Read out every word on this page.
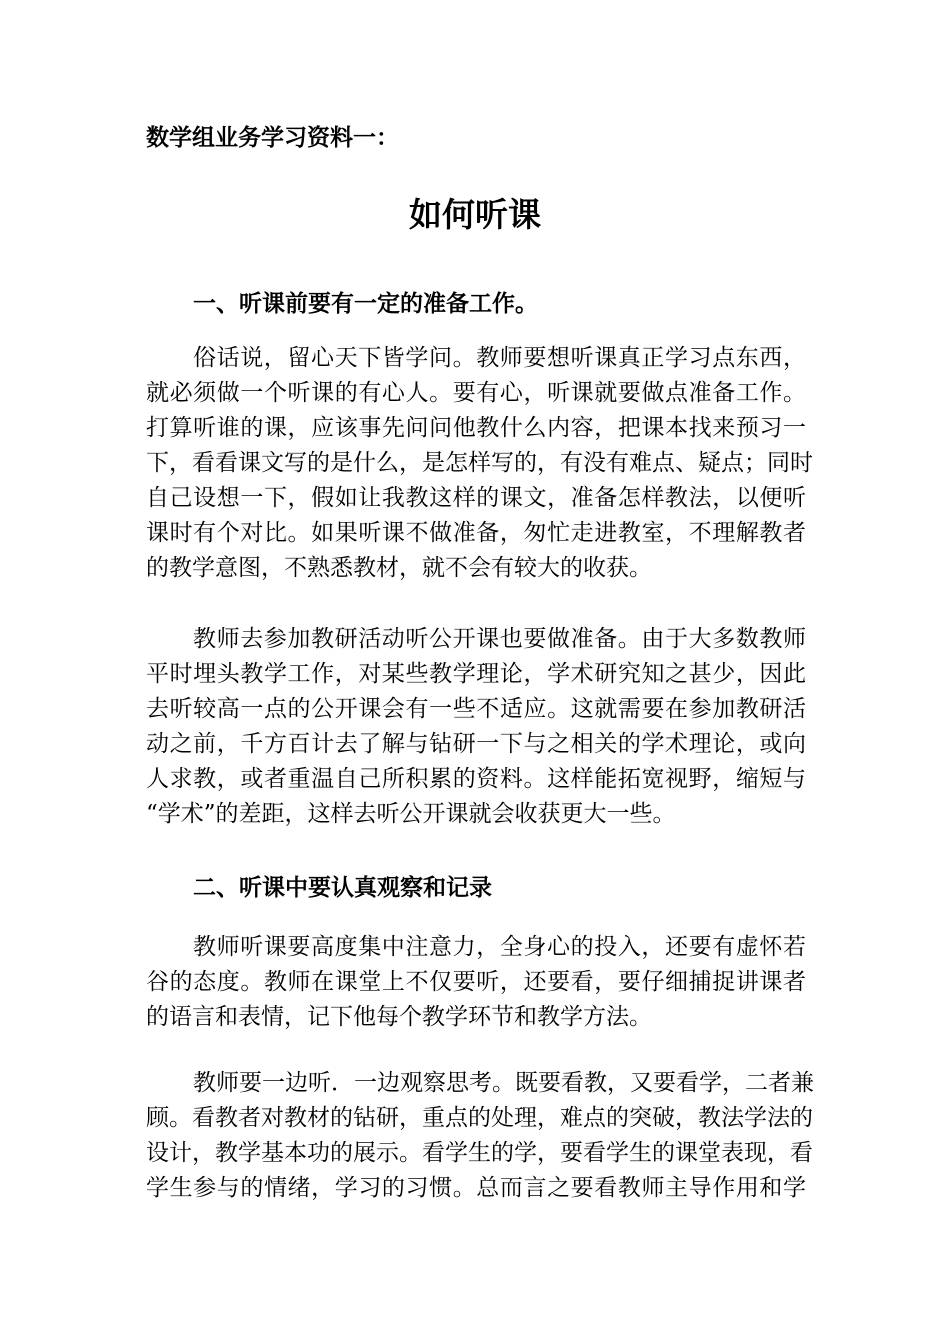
数学组业务学习资料一：
如何听课
一、听课前要有一定的准备工作。
俗话说，留心天下皆学问。教师要想听课真正学习点东西，
就必须做一个听课的有心人。要有心，听课就要做点准备工作。
打算听谁的课，应该事先问问他教什么内容，把课本找来预习一
下，看看课文写的是什么，是怎样写的，有没有难点、疑点；同时
自己设想一下，假如让我教这样的课文，准备怎样教法，以便听
课时有个对比。如果听课不做准备，匆忙走进教室，不理解教者
的教学意图，不熟悉教材，就不会有较大的收获。
教师去参加教研活动听公开课也要做准备。由于大多数教师
平时埋头教学工作，对某些教学理论，学术研究知之甚少，因此
去听较高一点的公开课会有一些不适应。这就需要在参加教研活
动之前，千方百计去了解与钻研一下与之相关的学术理论，或向
人求教，或者重温自己所积累的资料。这样能拓宽视野，缩短与
“学术”的差距，这样去听公开课就会收获更大一些。
二、听课中要认真观察和记录
教师听课要高度集中注意力，全身心的投入，还要有虚怀若
谷的态度。教师在课堂上不仅要听，还要看，要仔细捕捉讲课者
的语言和表情，记下他每个教学环节和教学方法。
教师要一边听．一边观察思考。既要看教，又要看学，二者兼
顾。看教者对教材的钻研，重点的处理，难点的突破，教法学法的
设计，教学基本功的展示。看学生的学，要看学生的课堂表现，看
学生参与的情绪，学习的习惯。总而言之要看教师主导作用和学
